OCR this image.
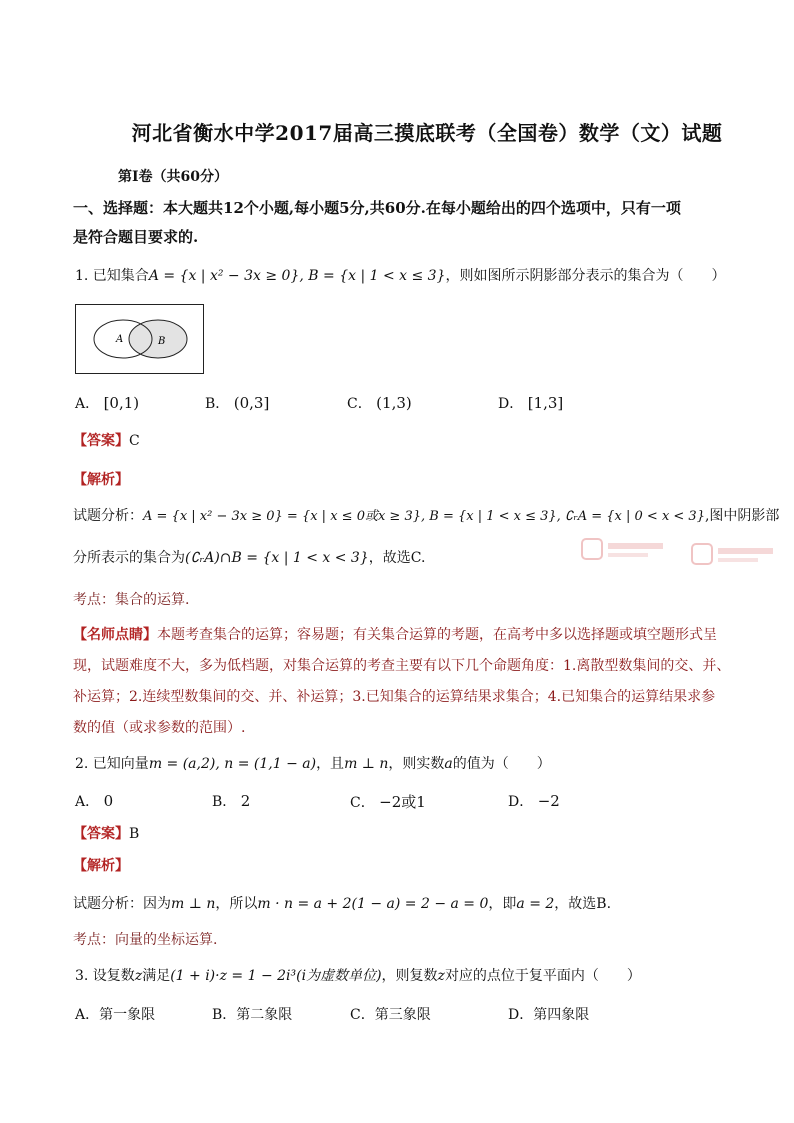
河北省衡水中学2017届高三摸底联考（全国卷）数学（文）试题
第Ⅰ卷（共60分）
一、选择题：本大题共12个小题,每小题5分,共60分.在每小题给出的四个选项中，只有一项
是符合题目要求的.
1. 已知集合A = {x | x² − 3x ≥ 0}, B = {x | 1 < x ≤ 3}，则如图所示阴影部分表示的集合为（　　）
A	B
A． [0,1)	B． (0,3]	C． (1,3)	D． [1,3]
【答案】C
【解析】
试题分析：A = {x | x² − 3x ≥ 0} = {x | x ≤ 0或x ≥ 3}, B = {x | 1 < x ≤ 3}, ∁ᵣA = {x | 0 < x < 3},图中阴影部
分所表示的集合为(∁ᵣA)∩B = {x | 1 < x < 3}，故选C.
考点：集合的运算.
【名师点睛】本题考查集合的运算；容易题；有关集合运算的考题，在高考中多以选择题或填空题形式呈
现，试题难度不大，多为低档题，对集合运算的考查主要有以下几个命题角度：1.离散型数集间的交、并、
补运算；2.连续型数集间的交、并、补运算；3.已知集合的运算结果求集合；4.已知集合的运算结果求参
数的值（或求参数的范围）.
2. 已知向量m = (a,2), n = (1,1 − a)，且m ⊥ n，则实数a的值为（　　）
A． 0	B． 2	C． −2或1	D． −2
【答案】B
【解析】
试题分析：因为m ⊥ n，所以m · n = a + 2(1 − a) = 2 − a = 0，即a = 2，故选B.
考点：向量的坐标运算.
3. 设复数z满足(1 + i)·z = 1 − 2i³(i为虚数单位)，则复数z对应的点位于复平面内（　　）
A．第一象限	B．第二象限	C．第三象限	D．第四象限
